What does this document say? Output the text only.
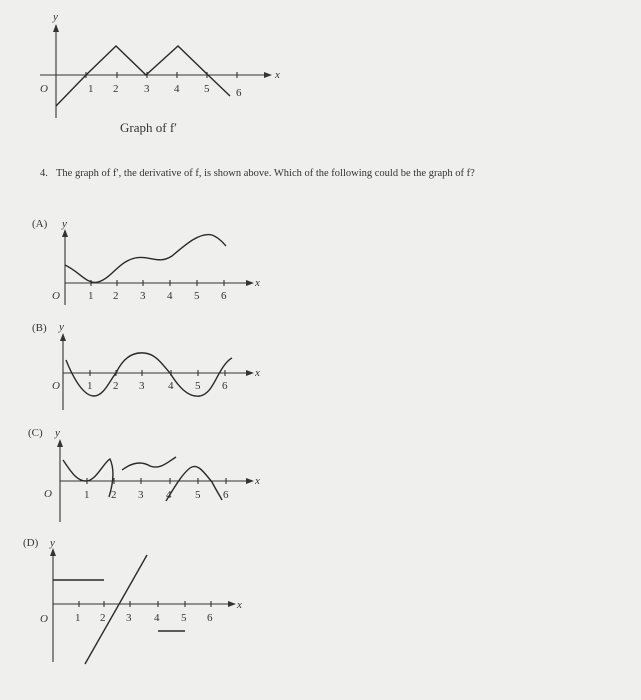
y
x
O	1 2 3 4 5 6
Graph of f′
4. The graph of f′, the derivative of f, is shown above. Which of the following could be the graph of f?
(A) y
x
O	1 2 3 4 5 6
(B) y
x
O 1 2 3 4 5 6
(C) y
x
O	1 2 3 4 5 6
(D) y
x
O 1 2 3 4 5 6
